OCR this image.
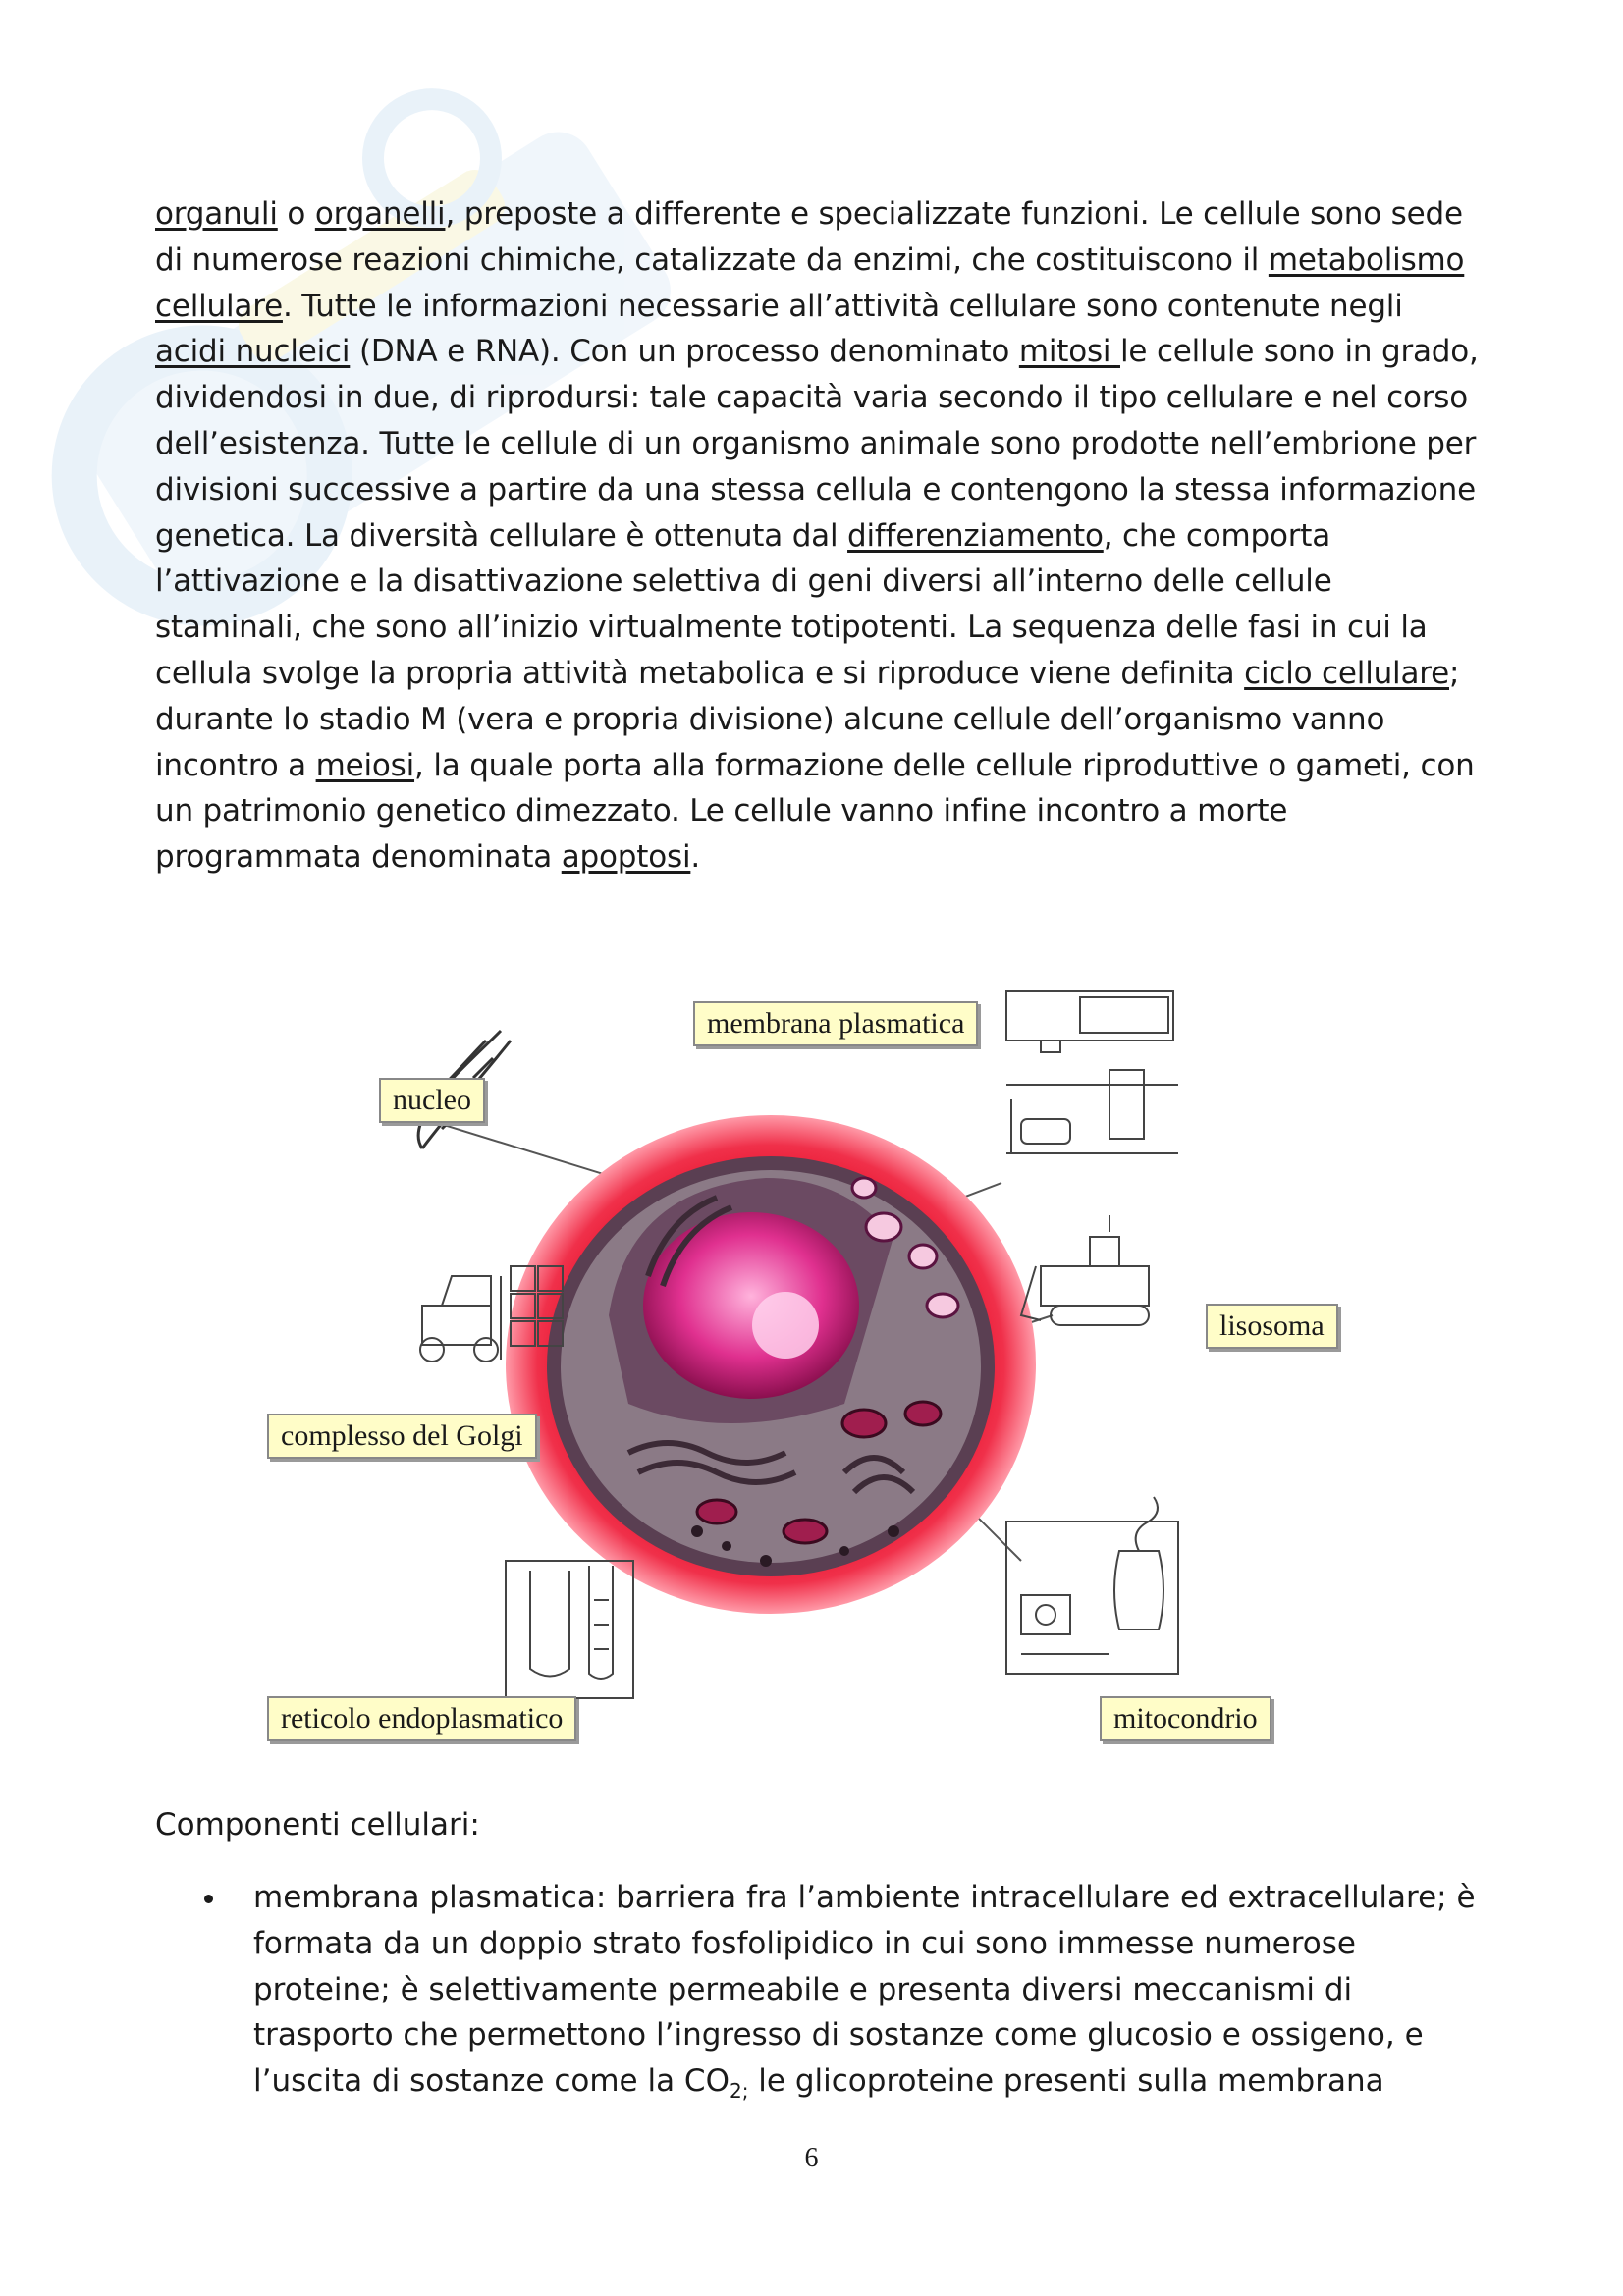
organuli o organelli, preposte a differente e specializzate funzioni. Le cellule sono sede di numerose reazioni chimiche, catalizzate da enzimi, che costituiscono il metabolismo cellulare. Tutte le informazioni necessarie all’attività cellulare sono contenute negli acidi nucleici (DNA e RNA). Con un processo denominato mitosi le cellule sono in grado, dividendosi in due, di riprodursi: tale capacità varia secondo il tipo cellulare e nel corso dell’esistenza. Tutte le cellule di un organismo animale sono prodotte nell’embrione per divisioni successive a partire da una stessa cellula e contengono la stessa informazione genetica. La diversità cellulare è ottenuta dal differenziamento, che comporta l’attivazione e la disattivazione selettiva di geni diversi all’interno delle cellule staminali, che sono all’inizio virtualmente totipotenti. La sequenza delle fasi in cui la cellula svolge la propria attività metabolica e si riproduce viene definita ciclo cellulare; durante lo stadio M (vera e propria divisione) alcune cellule dell’organismo vanno incontro a meiosi, la quale porta alla formazione delle cellule riproduttive o gameti, con un patrimonio genetico dimezzato. Le cellule vanno infine incontro a morte programmata denominata apoptosi.

membrana plasmatica
nucleo
lisosoma
complesso del Golgi
reticolo endoplasmatico	mitocondrio
Componenti cellulari:
membrana plasmatica: barriera fra l’ambiente intracellulare ed extracellulare; è formata da un doppio strato fosfolipidico in cui sono immesse numerose proteine; è selettivamente permeabile e presenta diversi meccanismi di trasporto che permettono l’ingresso di sostanze come glucosio e ossigeno, e l’uscita di sostanze come la $CO_{2;}$ le glicoproteine presenti sulla membrana
6
